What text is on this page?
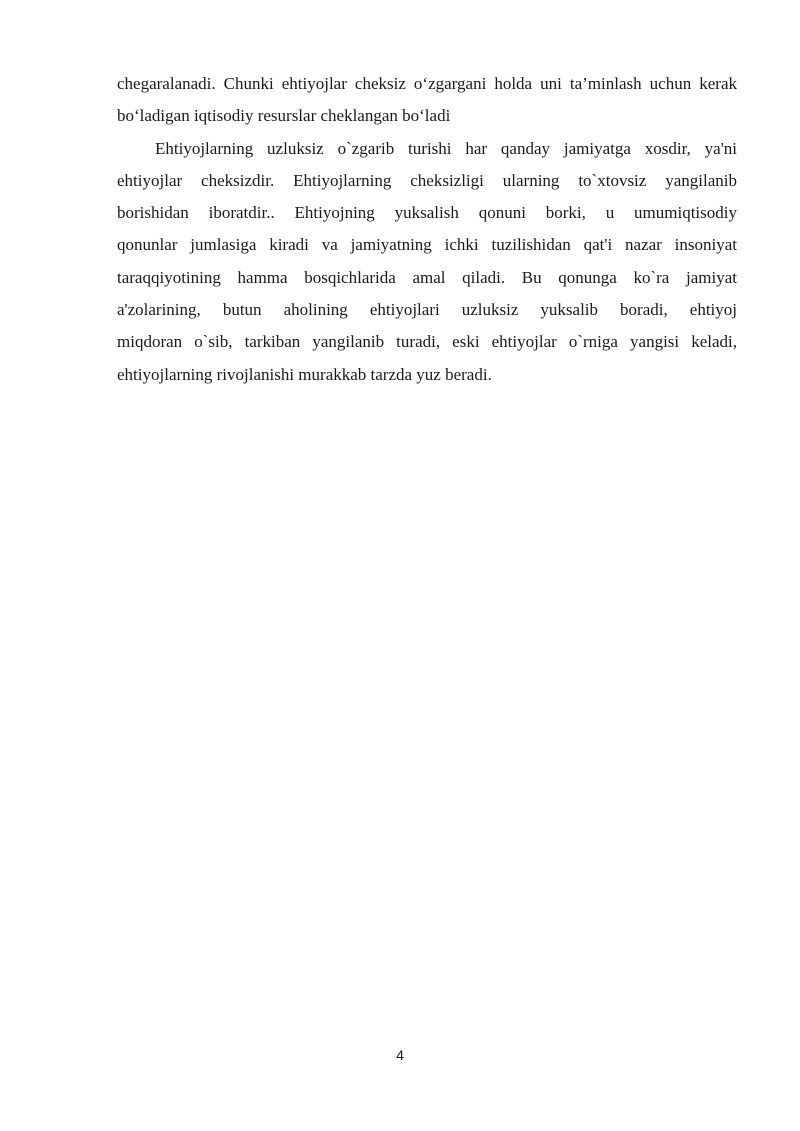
chegaralanadi. Chunki ehtiyojlar cheksiz o‘zgargani holda uni ta’minlash uchun kerak
bo‘ladigan iqtisodiy resurslar cheklangan bo‘ladi
Ehtiyojlarning uzluksiz o`zgarib turishi har qanday jamiyatga xosdir, ya'ni
ehtiyojlar cheksizdir. Ehtiyojlarning cheksizligi ularning to`xtovsiz yangilanib
borishidan iboratdir.. Ehtiyojning yuksalish qonuni borki, u umumiqtisodiy
qonunlar jumlasiga kiradi va jamiyatning ichki tuzilishidan qat'i nazar insoniyat
taraqqiyotining hamma bosqichlarida amal qiladi. Bu qonunga ko`ra jamiyat
a'zolarining, butun aholining ehtiyojlari uzluksiz yuksalib boradi, ehtiyoj
miqdoran o`sib, tarkiban yangilanib turadi, eski ehtiyojlar o`rniga yangisi keladi,
ehtiyojlarning rivojlanishi murakkab tarzda yuz beradi.
4
